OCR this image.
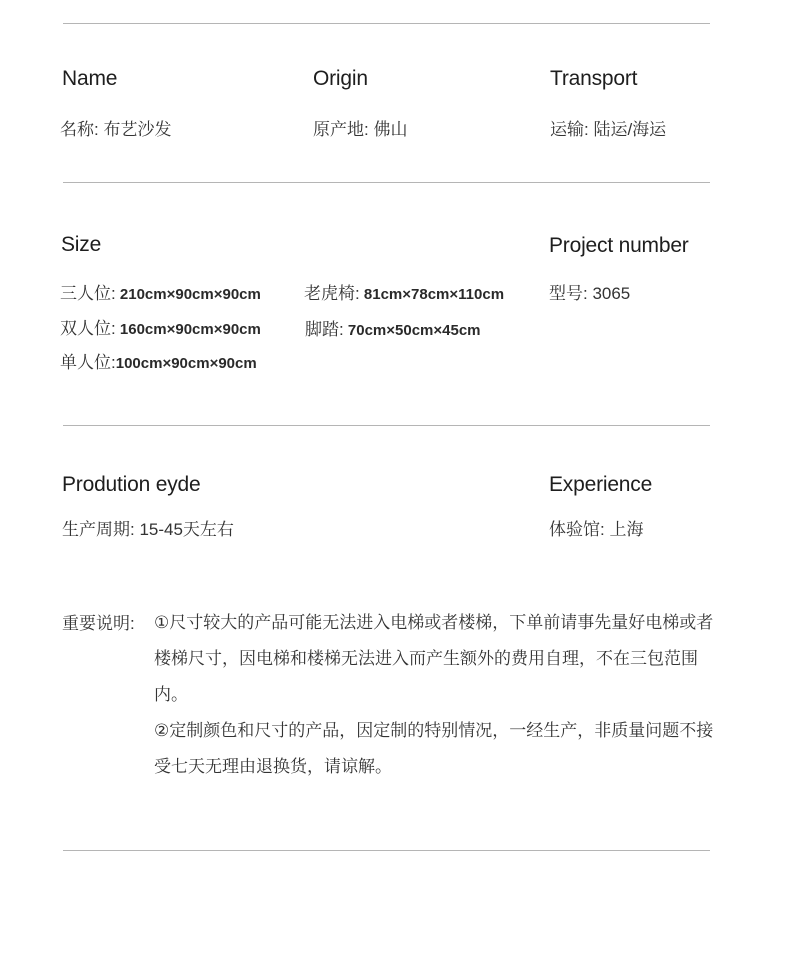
Name
名称: 布艺沙发
Origin
原产地: 佛山
Transport
运输: 陆运/海运
Size
三人位: 210cm×90cm×90cm
双人位: 160cm×90cm×90cm
单人位:100cm×90cm×90cm
老虎椅: 81cm×78cm×110cm
脚踏: 70cm×50cm×45cm
Project number
型号: 3065
Prodution eyde
生产周期: 15-45天左右
Experience
体验馆: 上海
重要说明: ①尺寸较大的产品可能无法进入电梯或者楼梯，下单前请事先量好电梯或者楼梯尺寸，因电梯和楼梯无法进入而产生额外的费用自理，不在三包范围内。

②定制颜色和尺寸的产品，因定制的特别情况，一经生产，非质量问题不接受七天无理由退换货，请谅解。
